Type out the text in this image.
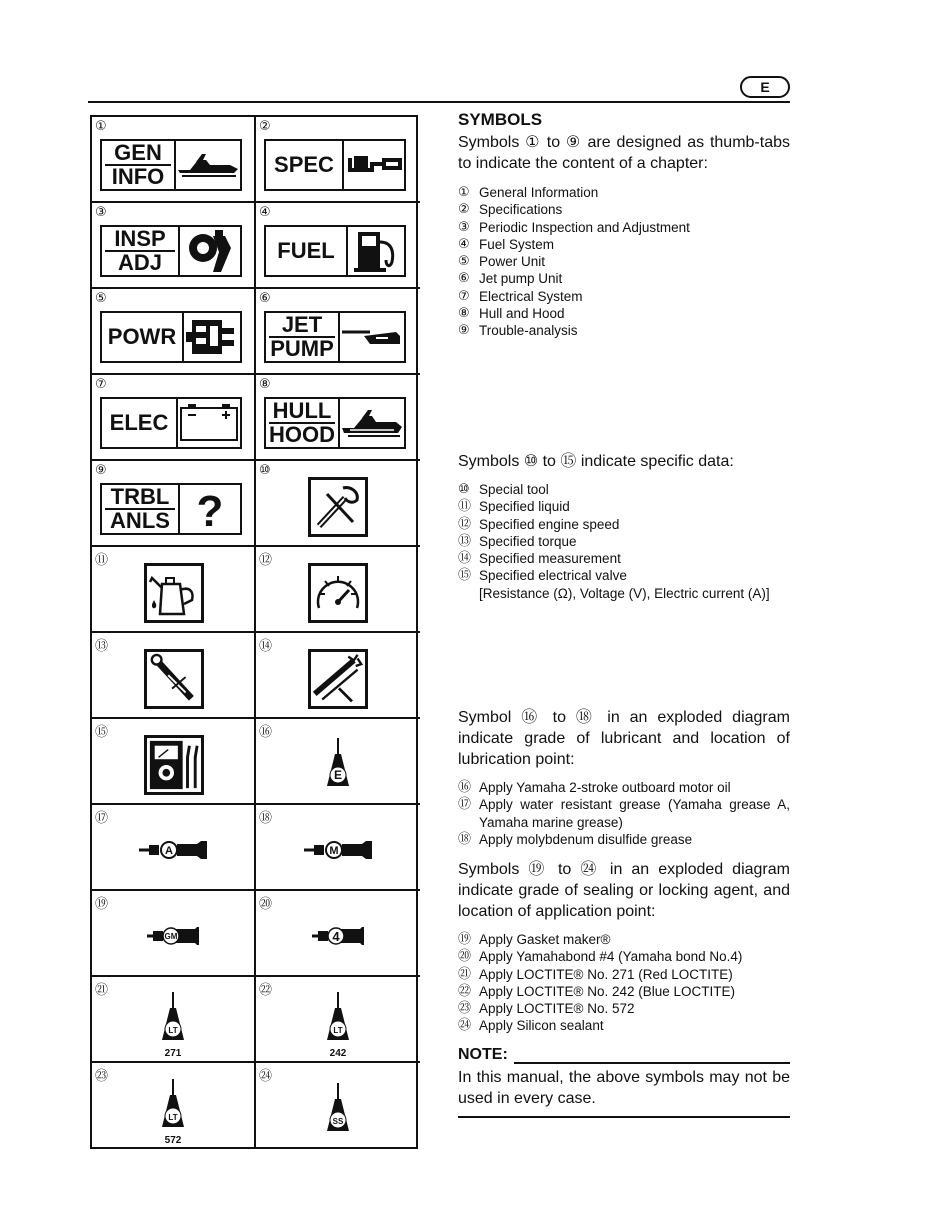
E
①
GEN
INFO
②
SPEC
③
INSP
ADJ
④
FUEL
⑤
POWR
⑥
JET
PUMP
⑦
ELEC
⑧
HULL
HOOD
⑨
TRBL
ANLS ?
⑩
⑪	⑫
⑬	⑭
⑮	⑯
E
⑰
A
⑱
M
⑲
GM
⑳
4
㉑
LT
271
㉒
LT
242
㉓
LT
572
㉔
SS
SYMBOLS
Symbols ① to ⑨ are designed as thumb-tabs to indicate the content of a chapter:
① General Information
② Specifications
③ Periodic Inspection and Adjustment
④ Fuel System
⑤ Power Unit
⑥ Jet pump Unit
⑦ Electrical System
⑧ Hull and Hood
⑨ Trouble-analysis
Symbols ⑩ to ⑮ indicate specific data:
⑩ Special tool
⑪ Specified liquid
⑫ Specified engine speed
⑬ Specified torque
⑭ Specified measurement
⑮ Specified electrical valve
[Resistance (Ω), Voltage (V), Electric current (A)]
Symbol ⑯ to ⑱ in an exploded diagram indicate grade of lubricant and location of lubrication point:
⑯ Apply Yamaha 2-stroke outboard motor oil
⑰ Apply water resistant grease (Yamaha grease A, Yamaha marine grease)
⑱ Apply molybdenum disulfide grease
Symbols ⑲ to ㉔ in an exploded diagram indicate grade of sealing or locking agent, and location of application point:
⑲ Apply Gasket maker®
⑳ Apply Yamahabond #4 (Yamaha bond No.4)
㉑ Apply LOCTITE® No. 271 (Red LOCTITE)
㉒ Apply LOCTITE® No. 242 (Blue LOCTITE)
㉓ Apply LOCTITE® No. 572
㉔ Apply Silicon sealant
NOTE:
In this manual, the above symbols may not be used in every case.
